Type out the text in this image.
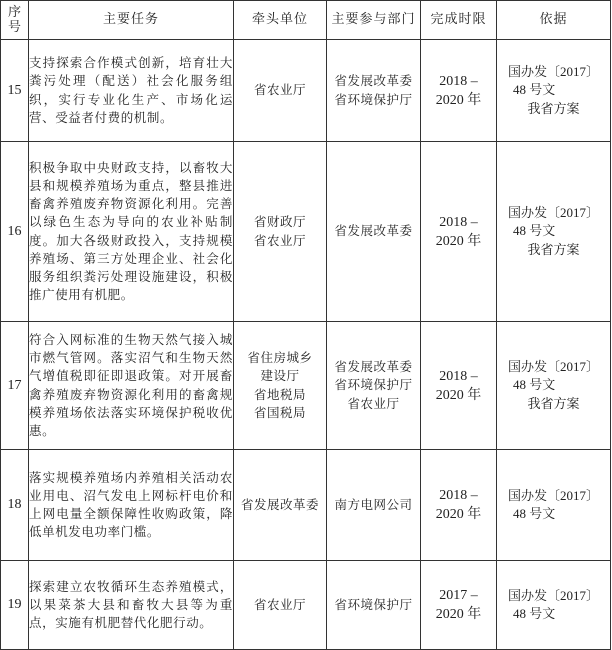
序
号	主要任务	牵头单位	主要参与部门	完成时限	依据
15	支持探索合作模式创新，培育壮大粪污处理（配送）社会化服务组织，实行专业化生产、市场化运营、受益者付费的机制。	省农业厅	省发展改革委
省环境保护厅	2018 –
2020 年	国办发〔2017〕
48 号文
我省方案

16	积极争取中央财政支持，以畜牧大县和规模养殖场为重点，整县推进畜禽养殖废弃物资源化利用。完善以绿色生态为导向的农业补贴制度。加大各级财政投入，支持规模养殖场、第三方处理企业、社会化服务组织粪污处理设施建设，积极推广使用有机肥。	省财政厅
省农业厅	省发展改革委	2018 –
2020 年	国办发〔2017〕
48 号文
我省方案

17	符合入网标准的生物天然气接入城市燃气管网。落实沼气和生物天然气增值税即征即退政策。对开展畜禽养殖废弃物资源化利用的畜禽规模养殖场依法落实环境保护税收优惠。	省住房城乡
建设厅
省地税局
省国税局	省发展改革委
省环境保护厅
省农业厅	2018 –
2020 年	国办发〔2017〕
48 号文
我省方案

18	落实规模养殖场内养殖相关活动农业用电、沼气发电上网标杆电价和上网电量全额保障性收购政策，降低单机发电功率门槛。	省发展改革委	南方电网公司	2018 –
2020 年	国办发〔2017〕
48 号文

19	探索建立农牧循环生态养殖模式，以果菜茶大县和畜牧大县等为重点，实施有机肥替代化肥行动。	省农业厅	省环境保护厅	2017 –
2020 年	国办发〔2017〕
48 号文
